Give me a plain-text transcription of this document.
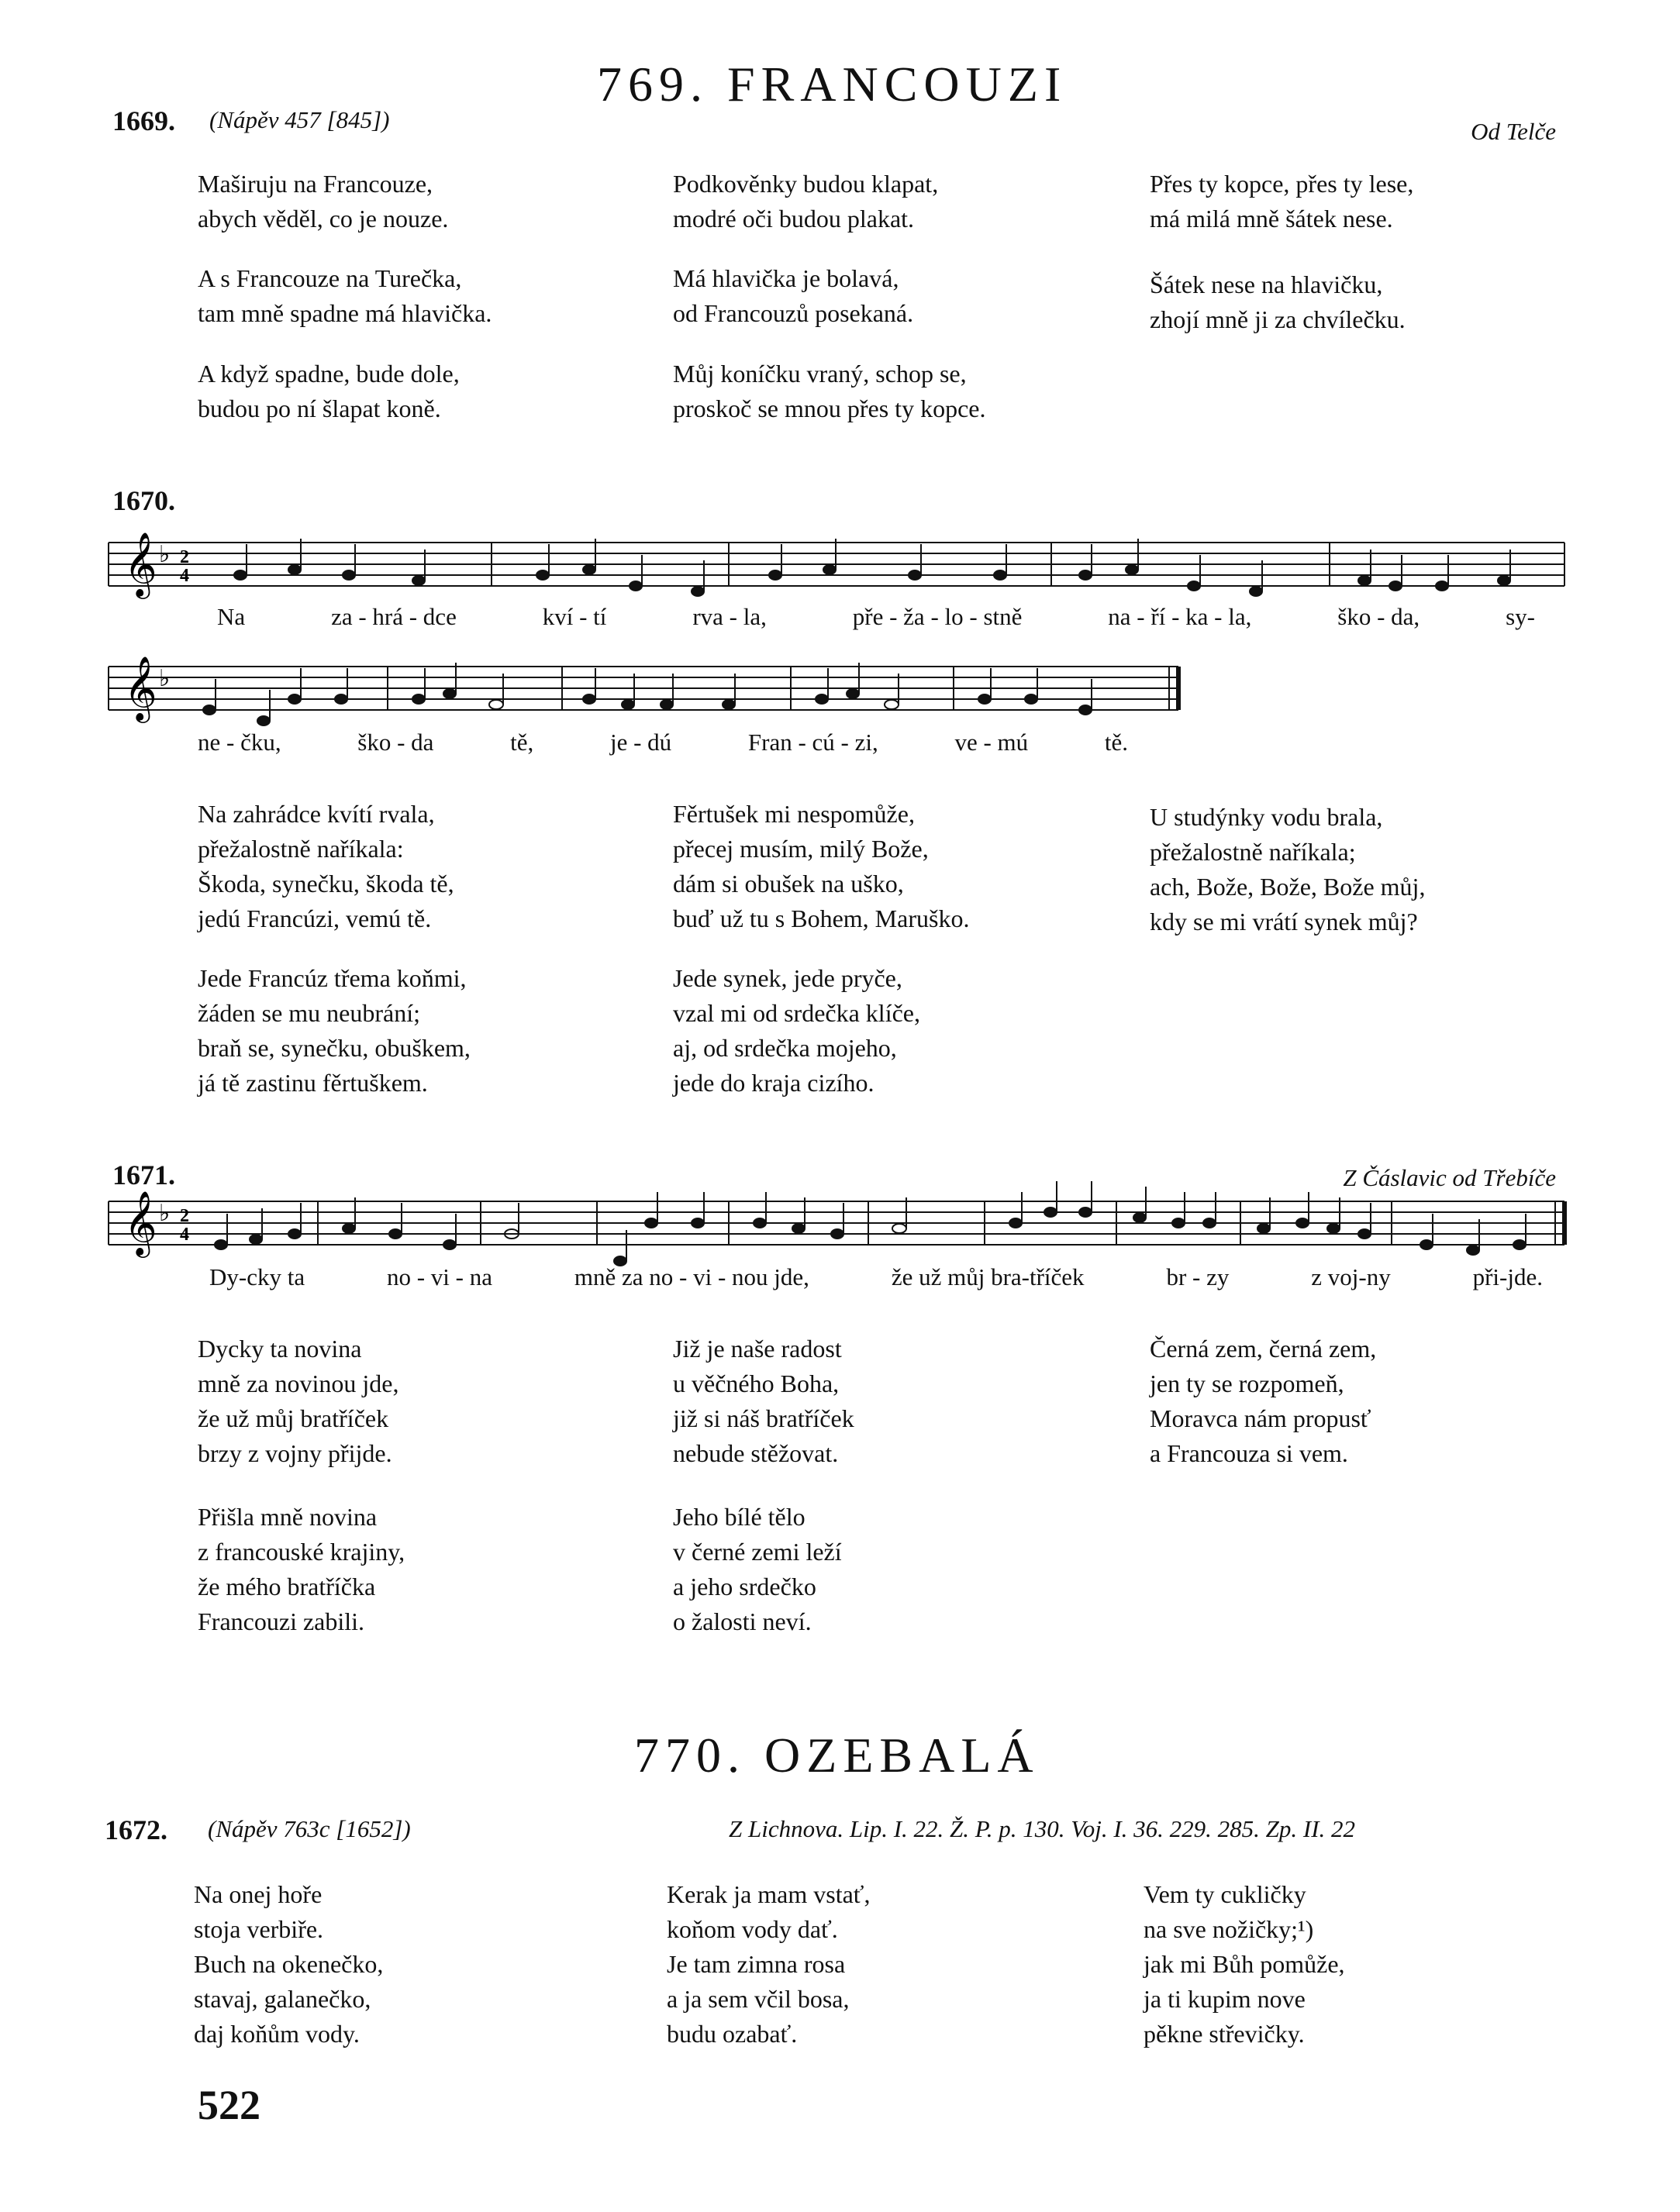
769. FRANCOUZI
1669. (Nápěv 457 [845])	Od Telče
Maširuju na Francouze,
abych věděl, co je nouze.
A s Francouze na Turečka,
tam mně spadne má hlavička.
A když spadne, bude dole,
budou po ní šlapat koně.
Podkověnky budou klapat,
modré oči budou plakat.
Má hlavička je bolavá,
od Francouzů posekaná.
Můj koníčku vraný, schop se,
proskoč se mnou přes ty kopce.
Přes ty kopce, přes ty lese,
má milá mně šátek nese.
Šátek nese na hlavičku,
zhojí mně ji za chvílečku.
1670.
𝄞 ♭ 2
4
Na	za - hrá - dce	kví - tí	rva - la,	pře - ža - lo - stně	na - ří - ka - la,	ško - da,	sy-
𝄞 ♭
ne - čku,	ško - da	tě,	je - dú	Fran - cú - zi,	ve - mú	tě.
Na zahrádce kvítí rvala,
přežalostně naříkala:
Škoda, synečku, škoda tě,
jedú Francúzi, vemú tě.
Jede Francúz třema koňmi,
žáden se mu neubrání;
braň se, synečku, obuškem,
já tě zastinu fěrtuškem.
Fěrtušek mi nespomůže,
přecej musím, milý Bože,
dám si obušek na uško,
buď už tu s Bohem, Maruško.
Jede synek, jede pryče,
vzal mi od srdečka klíče,
aj, od srdečka mojeho,
jede do kraja cizího.
U studýnky vodu brala,
přežalostně naříkala;
ach, Bože, Bože, Bože můj,
kdy se mi vrátí synek můj?
1671.	Z Čáslavic od Třebíče
𝄞 ♭ 2
4
Dy-cky ta	no - vi - na	mně za no - vi - nou jde,	že už můj bra-tříček	br - zy	z voj-ny	při-jde.
Dycky ta novina
mně za novinou jde,
že už můj bratříček
brzy z vojny přijde.
Přišla mně novina
z francouské krajiny,
že mého bratříčka
Francouzi zabili.
Již je naše radost
u věčného Boha,
již si náš bratříček
nebude stěžovat.
Jeho bílé tělo
v černé zemi leží
a jeho srdečko
o žalosti neví.
Černá zem, černá zem,
jen ty se rozpomeň,
Moravca nám propusť
a Francouza si vem.
770. OZEBALÁ
1672. (Nápěv 763c [1652])	Z Lichnova. Lip. I. 22. Ž. P. p. 130. Voj. I. 36. 229. 285. Zp. II. 22
Na onej hoře
stoja verbiře.
Buch na okenečko,
stavaj, galanečko,
daj koňům vody.
Kerak ja mam vstať,
koňom vody dať.
Je tam zimna rosa
a ja sem včil bosa,
budu ozabať.
Vem ty cukličky
na sve nožičky;¹)
jak mi Bůh pomůže,
ja ti kupim nove
pěkne střevičky.
522
